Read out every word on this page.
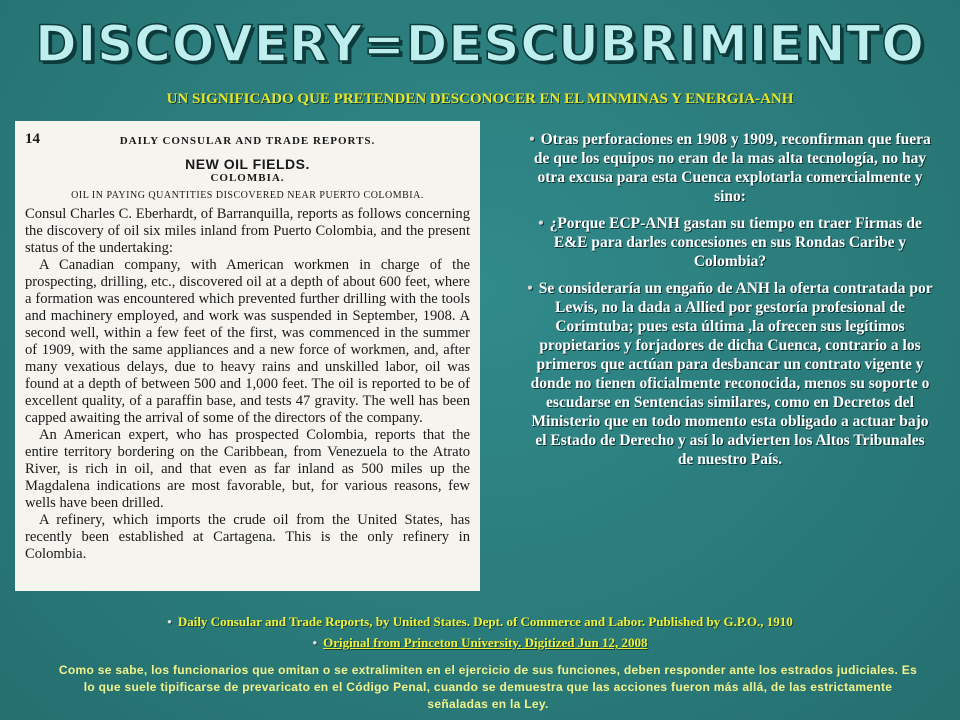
DISCOVERY=DESCUBRIMIENTO
UN SIGNIFICADO QUE PRETENDEN DESCONOCER EN EL MINMINAS Y ENERGIA-ANH
14	DAILY CONSULAR AND TRADE REPORTS.
NEW OIL FIELDS.
COLOMBIA.
OIL IN PAYING QUANTITIES DISCOVERED NEAR PUERTO COLOMBIA.

Consul Charles C. Eberhardt, of Barranquilla, reports as follows concerning the discovery of oil six miles inland from Puerto Colombia, and the present status of the undertaking:

A Canadian company, with American workmen in charge of the prospecting, drilling, etc., discovered oil at a depth of about 600 feet, where a formation was encountered which prevented further drilling with the tools and machinery employed, and work was suspended in September, 1908. A second well, within a few feet of the first, was commenced in the summer of 1909, with the same appliances and a new force of workmen, and, after many vexatious delays, due to heavy rains and unskilled labor, oil was found at a depth of between 500 and 1,000 feet. The oil is reported to be of excellent quality, of a paraffin base, and tests 47 gravity. The well has been capped awaiting the arrival of some of the directors of the company.

An American expert, who has prospected Colombia, reports that the entire territory bordering on the Caribbean, from Venezuela to the Atrato River, is rich in oil, and that even as far inland as 500 miles up the Magdalena indications are most favorable, but, for various reasons, few wells have been drilled.

A refinery, which imports the crude oil from the United States, has recently been established at Cartagena. This is the only refinery in Colombia.

• Otras perforaciones en 1908 y 1909, reconfirman que fuera de que los equipos no eran de la mas alta tecnología, no hay otra excusa para esta Cuenca explotarla comercialmente y sino:
• ¿Porque ECP-ANH gastan su tiempo en traer Firmas de E&E para darles concesiones en sus Rondas Caribe y Colombia?
• Se consideraría un engaño de ANH la oferta contratada por Lewis, no la dada a Allied por gestoría profesional de Corimtuba; pues esta última ,la ofrecen sus legítimos propietarios y forjadores de dicha Cuenca, contrario a los primeros que actúan para desbancar un contrato vigente y donde no tienen oficialmente reconocida, menos su soporte o escudarse en Sentencias similares, como en Decretos del Ministerio que en todo momento esta obligado a actuar bajo el Estado de Derecho y así lo advierten los Altos Tribunales de nuestro País.
• Daily Consular and Trade Reports, by United States. Dept. of Commerce and Labor. Published by G.P.O., 1910
• Original from Princeton University. Digitized Jun 12, 2008
Como se sabe, los funcionarios que omitan o se extralimiten en el ejercicio de sus funciones, deben responder ante los estrados judiciales. Es lo que suele tipificarse de prevaricato en el Código Penal, cuando se demuestra que las acciones fueron más allá, de las estrictamente señaladas en la Ley.
